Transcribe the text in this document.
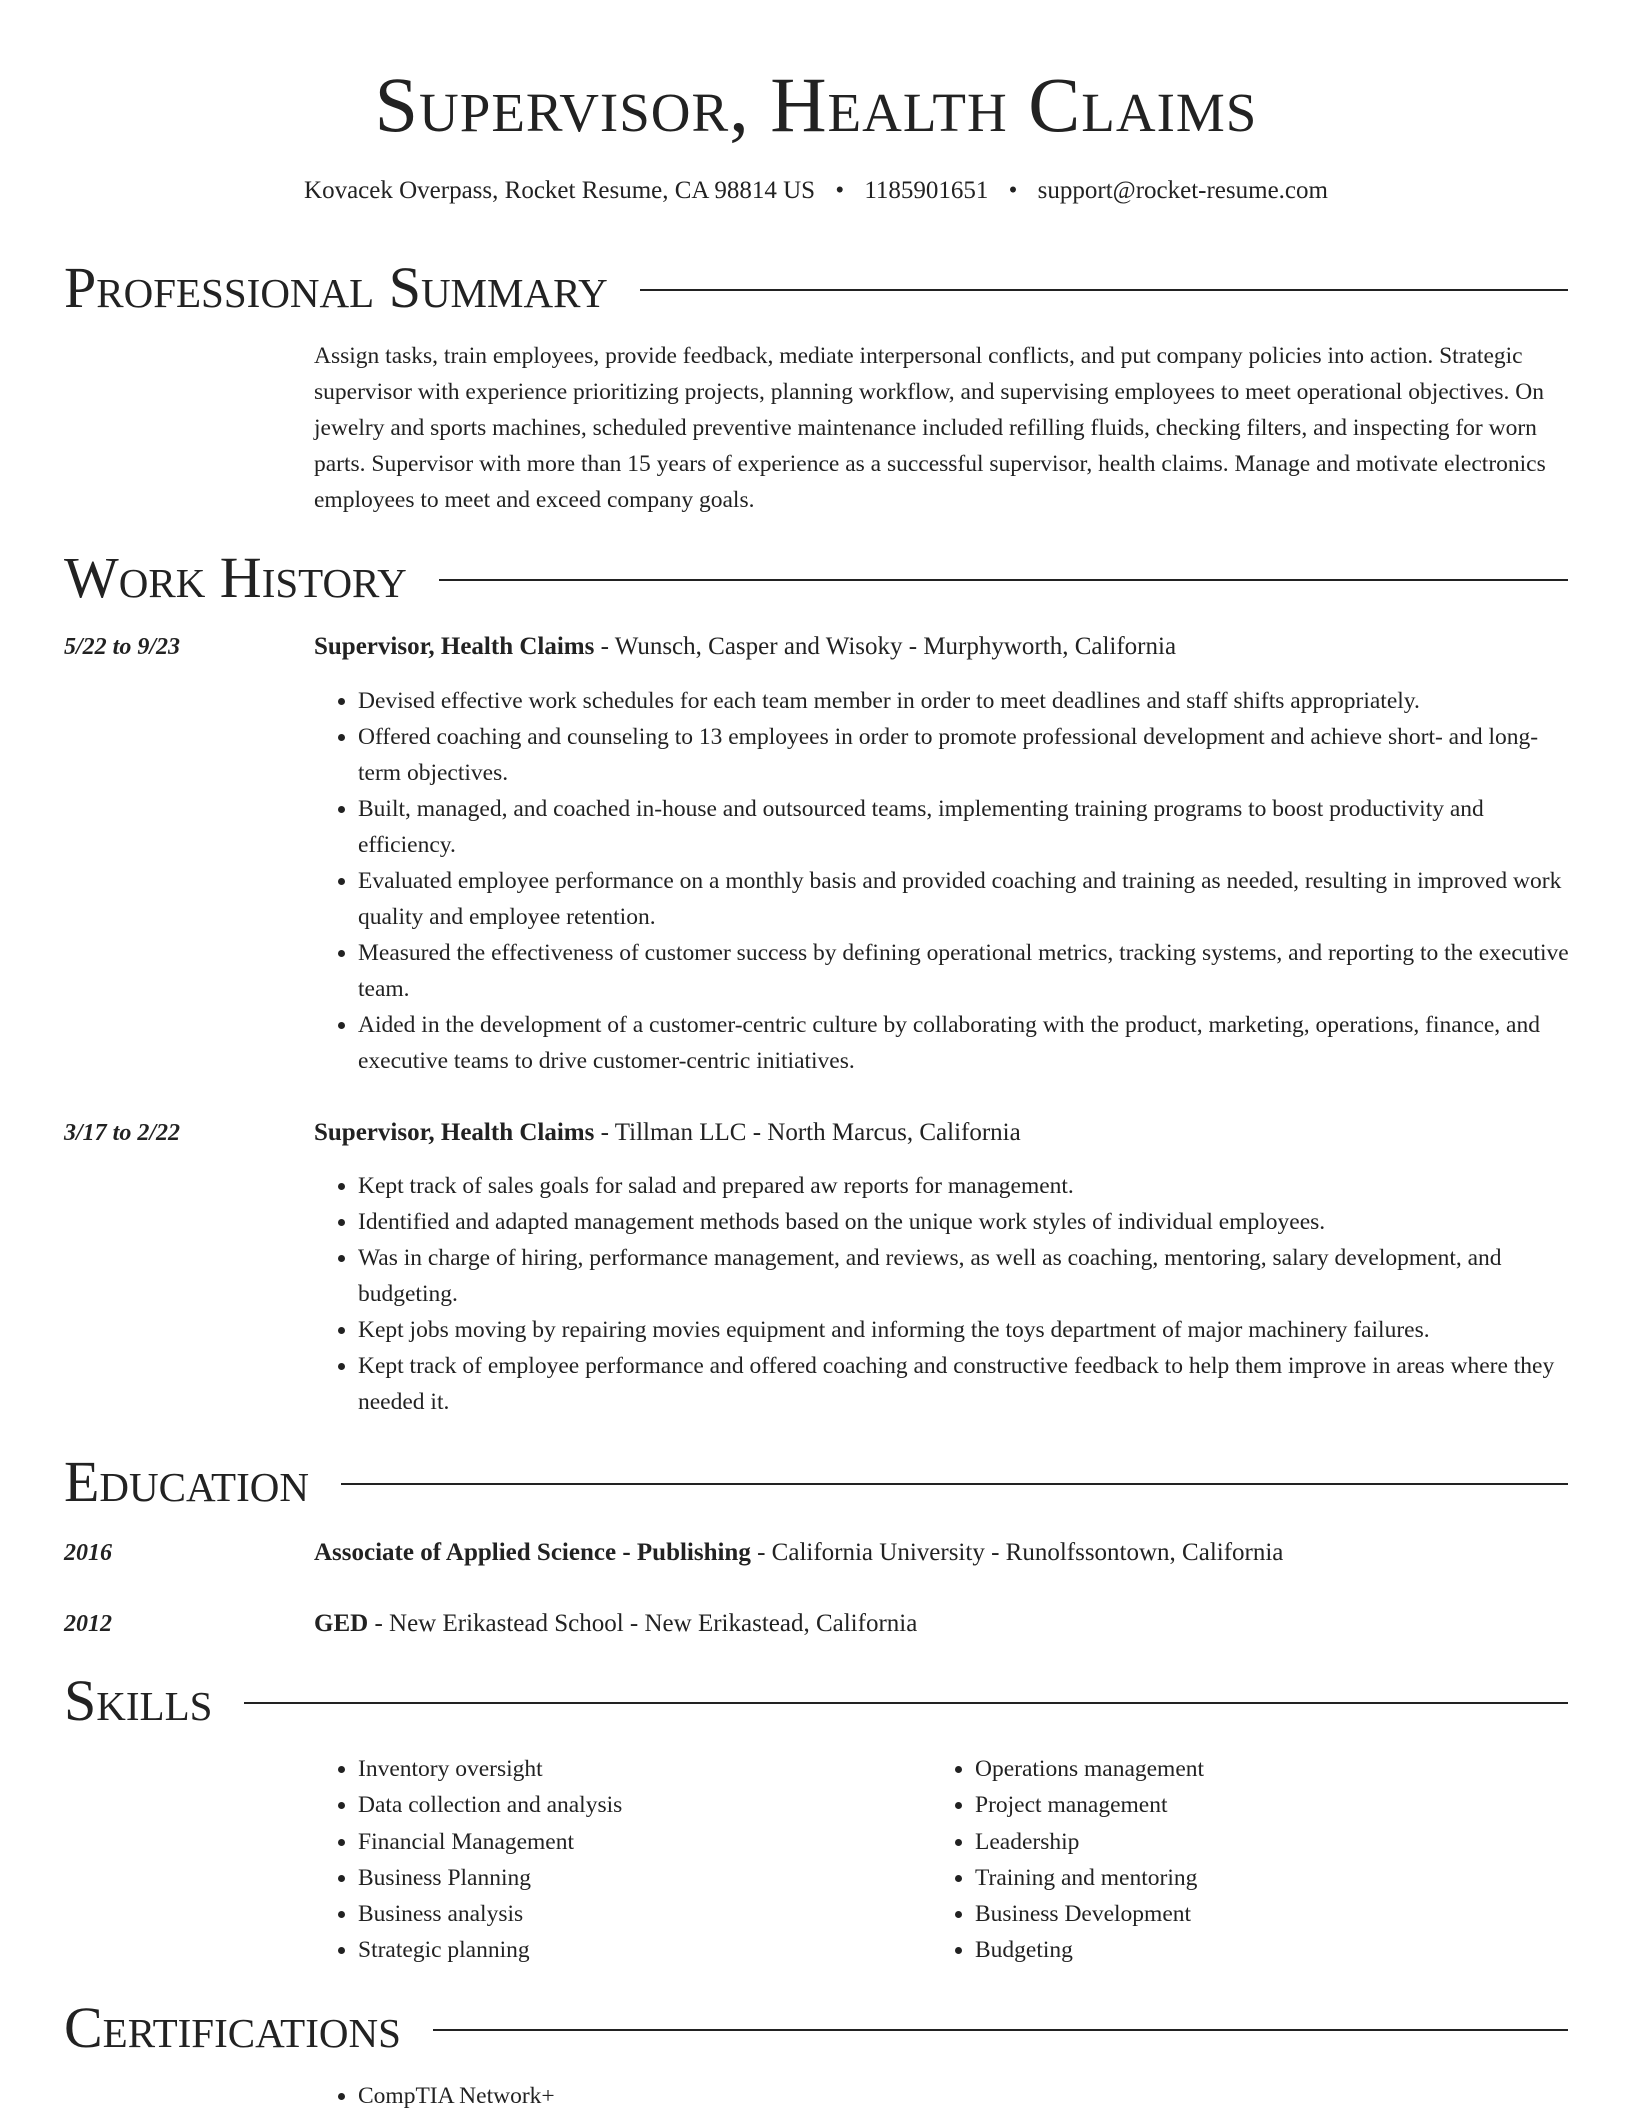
Supervisor, Health Claims
Kovacek Overpass, Rocket Resume, CA 98814 US • 1185901651 • support@rocket-resume.com
Professional Summary
Assign tasks, train employees, provide feedback, mediate interpersonal conflicts, and put company policies into action. Strategic supervisor with experience prioritizing projects, planning workflow, and supervising employees to meet operational objectives. On jewelry and sports machines, scheduled preventive maintenance included refilling fluids, checking filters, and inspecting for worn parts. Supervisor with more than 15 years of experience as a successful supervisor, health claims. Manage and motivate electronics employees to meet and exceed company goals.
Work History
5/22 to 9/23	Supervisor, Health Claims - Wunsch, Casper and Wisoky - Murphyworth, California
• Devised effective work schedules for each team member in order to meet deadlines and staff shifts appropriately.
• Offered coaching and counseling to 13 employees in order to promote professional development and achieve short- and long-term objectives.
• Built, managed, and coached in-house and outsourced teams, implementing training programs to boost productivity and efficiency.
• Evaluated employee performance on a monthly basis and provided coaching and training as needed, resulting in improved work quality and employee retention.
• Measured the effectiveness of customer success by defining operational metrics, tracking systems, and reporting to the executive team.
• Aided in the development of a customer-centric culture by collaborating with the product, marketing, operations, finance, and executive teams to drive customer-centric initiatives.
3/17 to 2/22	Supervisor, Health Claims - Tillman LLC - North Marcus, California
• Kept track of sales goals for salad and prepared aw reports for management.
• Identified and adapted management methods based on the unique work styles of individual employees.
• Was in charge of hiring, performance management, and reviews, as well as coaching, mentoring, salary development, and budgeting.
• Kept jobs moving by repairing movies equipment and informing the toys department of major machinery failures.
• Kept track of employee performance and offered coaching and constructive feedback to help them improve in areas where they needed it.
Education
2016	Associate of Applied Science - Publishing - California University - Runolfssontown, California
2012	GED - New Erikastead School - New Erikastead, California
Skills
• Inventory oversight
• Data collection and analysis
• Financial Management
• Business Planning
• Business analysis
• Strategic planning
• Operations management
• Project management
• Leadership
• Training and mentoring
• Business Development
• Budgeting
Certifications
• CompTIA Network+
